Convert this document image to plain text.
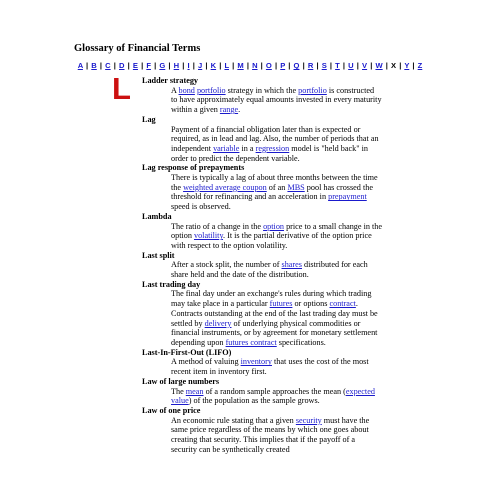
Glossary of Financial Terms
A | B | C | D | E | F | G | H | I | J | K | L | M | N | O | P | Q | R | S | T | U | V | W | X | Y | Z
L Ladder strategy
A bond portfolio strategy in which the portfolio is constructed to have approximately equal amounts invested in every maturity within a given range.
Lag
Payment of a financial obligation later than is expected or required, as in lead and lag. Also, the number of periods that an independent variable in a regression model is "held back" in order to predict the dependent variable.
Lag response of prepayments
There is typically a lag of about three months between the time the weighted average coupon of an MBS pool has crossed the threshold for refinancing and an acceleration in prepayment speed is observed.
Lambda
The ratio of a change in the option price to a small change in the option volatility. It is the partial derivative of the option price with respect to the option volatility.
Last split
After a stock split, the number of shares distributed for each share held and the date of the distribution.
Last trading day
The final day under an exchange's rules during which trading may take place in a particular futures or options contract. Contracts outstanding at the end of the last trading day must be settled by delivery of underlying physical commodities or financial instruments, or by agreement for monetary settlement depending upon futures contract specifications.
Last-In-First-Out (LIFO)
A method of valuing inventory that uses the cost of the most recent item in inventory first.
Law of large numbers
The mean of a random sample approaches the mean (expected value) of the population as the sample grows.
Law of one price
An economic rule stating that a given security must have the same price regardless of the means by which one goes about creating that security. This implies that if the payoff of a security can be synthetically created
